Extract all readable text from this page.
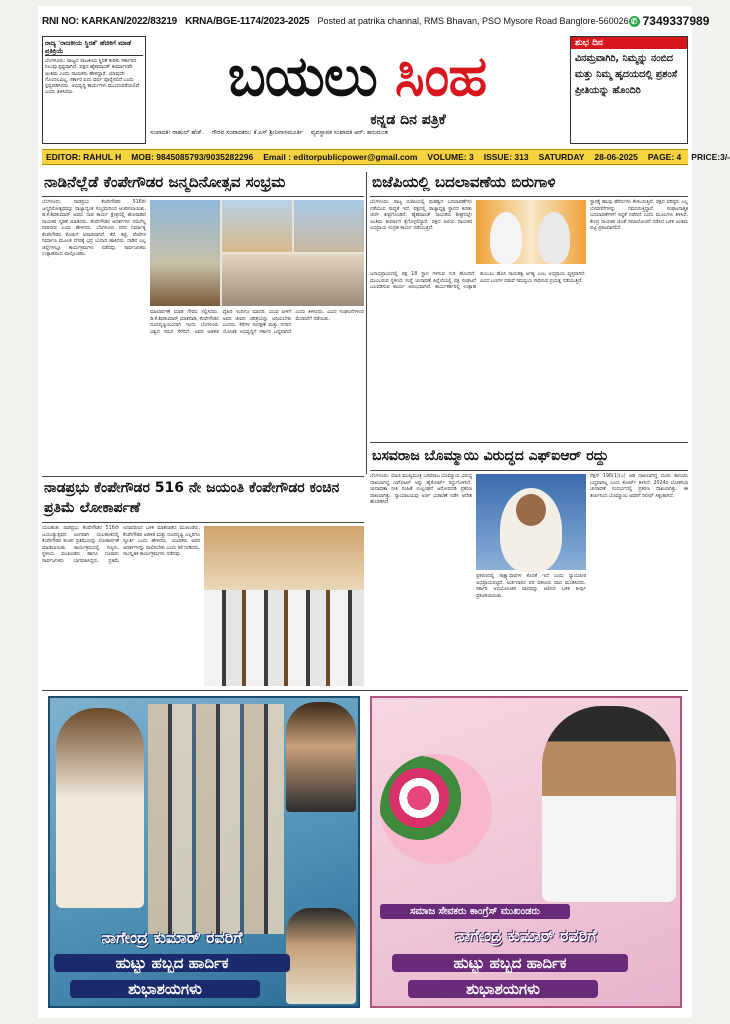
RNI NO: KARKAN/2022/83219 KRNA/BGE-1174/2023-2025 Posted at patrika channal, RMS Bhavan, PSO Mysore Road Banglore-560026 ✆ 7349337989
ರಾಜ್ಯ 'ರಾಜಕೀಯ ಸ್ಥಿರತೆ' ಹೆಚಿಕಿಗೆ ಮಾಡೆ ಪ್ರತಿಕ್ರಿಯೆ
ಬೆಂಗಳೂರು: ರಾಜ್ಯದ ರಾಜಕೀಯ ಸ್ಥಿರತೆ ಕುರಿತು ಸರ್ಕಾರದ ನಿಲುವು ಸ್ಪಷ್ಟವಾಗಿದೆ. ಪಕ್ಷದ ಹೈಕಮಾಂಡ್ ತೀರ್ಮಾನವೇ ಅಂತಿಮ ಎಂದು ನಾಯಕರು ಹೇಳಿದ್ದಾರೆ. ಯಾವುದೇ ಗೊಂದಲವಿಲ್ಲ, ಸರ್ಕಾರ ಐದು ವರ್ಷ ಪೂರೈಸಲಿದೆ ಎಂದು ಸ್ಪಷ್ಟಪಡಿಸಿದರು. ಅಭಿವೃದ್ಧಿ ಕಾರ್ಯಗಳು ಮುಂದುವರೆಯಲಿವೆ ಎಂದು ತಿಳಿಸಿದರು.	ಬಯಲು ಸಿಂಹ
ಕನ್ನಡ ದಿನ ಪತ್ರಿಕೆ
ಸಂಪಾದಕ: ರಾಹುಲ್ ಹೆಚ್. ಗೌರವ ಸಂಪಾದಕರು: ಕೆ.ಎಸ್ ಶ್ರೀನಿವಾಸಮೂರ್ತಿ ವ್ಯವಸ್ಥಾಪಕ ಸಂಪಾದಕ ಆರ್. ಹನುಮಂತ
ಶುಭ ದಿನ
ವಿನಮ್ರವಾಗಿರಿ, ನಿಮ್ಮನ್ನು ನಂಬಿದ ಮತ್ತು ನಿಮ್ಮ ಹೃದಯದಲ್ಲಿ ಪ್ರಶಂಸೆ ಪ್ರೀತಿಯನ್ನು ಹೊಂದಿರಿ
EDITOR: RAHUL H MOB: 9845085793/9035282296 Email : editorpublicpower@gmail.com VOLUME: 3 ISSUE: 313 SATURDAY 28-06-2025 PAGE: 4 PRICE:3/-
ನಾಡಿನೆಲ್ಲೆಡೆ ಕೆಂಪೇಗೌಡರ ಜನ್ಮದಿನೋತ್ಸವ ಸಂಭ್ರಮ
ಬೆಂಗಳೂರು: ನಾಡಪ್ರಭು ಕೆಂಪೇಗೌಡರ 516ನೇ ಜನ್ಮದಿನೋತ್ಸವವನ್ನು ರಾಜ್ಯಾದ್ಯಂತ ಸಂಭ್ರಮದಿಂದ ಆಚರಿಸಲಾಯಿತು. ಡಿ.ಕೆ.ಶಿವಕುಮಾರ್ ಅವರು ನಾಡ ಕಾರ್ಯ ಕ್ಷೇತ್ರದಲ್ಲಿ ಹೋರಾಡಿದ ನಾಯಕರ ಸ್ಮರಣೆ ಮಾಡಿದರು. ಕೆಂಪೇಗೌಡರ ಆದರ್ಶಗಳು ನಮಗೆಲ್ಲ ದಾರಿದೀಪ ಎಂದು ಹೇಳಿದರು. ಬೆಂಗಳೂರು ನಗರ ನಿರ್ಮಾತೃ ಕೆಂಪೇಗೌಡರ ಕೊಡುಗೆ ಅಪಾರವಾಗಿದೆ. ಕೆರೆ, ಕಟ್ಟೆ, ಪೇಟೆಗಳ ನಿರ್ಮಾಣ ಮೂಲಕ ನಗರಕ್ಕೆ ಭದ್ರ ಬುನಾದಿ ಹಾಕಿದರು. ನಾಡಿನ ಎಲ್ಲ ಜಿಲ್ಲೆಗಳಲ್ಲೂ ಕಾರ್ಯಕ್ರಮಗಳು ನಡೆದವು. ಸಾರ್ವಜನಿಕರು ಉತ್ಸಾಹದಿಂದ ಪಾಲ್ಗೊಂಡರು.
ಮಾಲಾರ್ಪಣೆ ಮಾಡಿ ಗೌರವ ಸಲ್ಲಿಸಿದರು. ಡಿ.ಕೆ.ಶಿವಕುಮಾರ್ ಮಾತನಾಡಿ, ಕೆಂಪೇಗೌಡರ ದೂರದೃಷ್ಟಿಯಿಂದಾಗಿ ಇಂದು ಬೆಂಗಳೂರು ವಿಶ್ವದ ಗಮನ ಸೆಳೆದಿದೆ. ಅವರ ಆಡಳಿತ ವೈಖರಿ ಇಂದಿಗೂ ಮಾದರಿ. ಯುವ ಪೀಳಿಗೆ ಅವರ ಜೀವನ ಚರಿತ್ರೆಯನ್ನು ಅರಿಯಬೇಕು ಎಂದರು. ಕೆರೆಗಳ ಸಂರಕ್ಷಣೆ ಮತ್ತು ನಗರದ ಯೋಜಿತ ಅಭಿವೃದ್ಧಿಗೆ ಸರ್ಕಾರ ಬದ್ಧವಾಗಿದೆ ಎಂದು ತಿಳಿಸಿದರು. ವಿವಿಧ ಸಂಘಟನೆಗಳಿಂದ ಮೆರವಣಿಗೆ ನಡೆಯಿತು.
ಬಿಜೆಪಿಯಲ್ಲಿ ಬದಲಾವಣೆಯ ಬಿರುಗಾಳಿ
ಬೆಂಗಳೂರು: ರಾಜ್ಯ ಬಿಜೆಪಿಯಲ್ಲಿ ಮಹತ್ವದ ಬದಲಾವಣೆಗಳು ನಡೆಯುವ ಸಾಧ್ಯತೆ ಇದೆ. ಪಕ್ಷದಲ್ಲಿ ರಾಜ್ಯಾಧ್ಯಕ್ಷ ಸ್ಥಾನದ ಕುರಿತು ಚರ್ಚೆ ತೀವ್ರಗೊಂಡಿದೆ. ಹೈಕಮಾಂಡ್ ನಾಯಕರು ಶೀಘ್ರದಲ್ಲೇ ಅಂತಿಮ ತೀರ್ಮಾನ ಕೈಗೊಳ್ಳಲಿದ್ದಾರೆ. ಪಕ್ಷದ ಹಿರಿಯ ನಾಯಕರ ಅಭಿಪ್ರಾಯ ಸಂಗ್ರಹ ಕಾರ್ಯ ನಡೆಯುತ್ತಿದೆ.
ಜನಾಭಿಪ್ರಾಯದಲ್ಲಿ ಪಕ್ಷ 18 ಸ್ಥಾನ ಗಳಿಸುವ ಗುರಿ ಹೊಂದಿದೆ. ಮುಂಬರುವ ಸ್ಥಳೀಯ ಸಂಸ್ಥೆ ಚುನಾವಣೆ ಹಿನ್ನೆಲೆಯಲ್ಲಿ ಪಕ್ಷ ಸಂಘಟನೆ ಬಲಪಡಿಸುವ ಕಾರ್ಯ ಆರಂಭವಾಗಿದೆ. ಕಾರ್ಯಕರ್ತರಲ್ಲಿ ಉತ್ಸಾಹ ತುಂಬಲು ಹೊಸ ನಾಯಕತ್ವ ಅಗತ್ಯ ಎಂಬ ಅಭಿಪ್ರಾಯ ವ್ಯಕ್ತವಾಗಿದೆ. ವಿವಿಧ ಬಣಗಳ ನಡುವೆ ಸಮನ್ವಯ ಸಾಧಿಸುವ ಪ್ರಯತ್ನ ನಡೆಯುತ್ತಿದೆ.
ಸ್ಥಾನಕ್ಕೆ ಹಲವು ಹೆಸರುಗಳು ಕೇಳಿಬರುತ್ತಿವೆ. ಪಕ್ಷದ ವರಿಷ್ಠರು ಎಲ್ಲ ಬೆಳವಣಿಗೆಗಳನ್ನು ಗಮನಿಸುತ್ತಿದ್ದಾರೆ. ಸಂಘಟನಾತ್ಮಕ ಬದಲಾವಣೆಗಳಿಗೆ ಸಿದ್ಧತೆ ನಡೆದಿದೆ ಎಂದು ಮೂಲಗಳು ತಿಳಿಸಿವೆ. ಕೇಂದ್ರ ನಾಯಕರ ಜೊತೆ ಸಮಾಲೋಚನೆ ನಡೆಸಿದ ಬಳಿಕ ಅಂತಿಮ ಪಟ್ಟಿ ಪ್ರಕಟವಾಗಲಿದೆ.
ಬಸವರಾಜ ಬೊಮ್ಮಾಯಿ ವಿರುದ್ಧದ ಎಫ್‌ಐಆರ್ ರದ್ದು
ಬೆಂಗಳೂರು: ಮಾಜಿ ಮುಖ್ಯಮಂತ್ರಿ ಬಸವರಾಜ ಬೊಮ್ಮಾಯಿ ವಿರುದ್ಧ ದಾಖಲಾಗಿದ್ದ ಎಫ್‌ಐಆರ್ ಅನ್ನು ಹೈಕೋರ್ಟ್ ರದ್ದುಗೊಳಿಸಿದೆ. ಚುನಾವಣಾ ನೀತಿ ಸಂಹಿತೆ ಉಲ್ಲಂಘನೆ ಆರೋಪದಡಿ ಪ್ರಕರಣ ದಾಖಲಾಗಿತ್ತು. ನ್ಯಾಯಾಲಯವು ಅರ್ಜಿ ವಿಚಾರಣೆ ನಡೆಸಿ ಆದೇಶ ಹೊರಡಿಸಿದೆ.
ಪ್ರಕರಣದಲ್ಲಿ ಸಾಕ್ಷ್ಯಾಧಾರಗಳ ಕೊರತೆ ಇದೆ ಎಂದು ನ್ಯಾಯಪೀಠ ಅಭಿಪ್ರಾಯಪಟ್ಟಿದೆ. ಅರ್ಜಿದಾರರ ಪರ ವಕೀಲರು ವಾದ ಮಂಡಿಸಿದರು. ಸರ್ಕಾರಿ ಅಭಿಯೋಜಕರ ವಾದವನ್ನು ಆಲಿಸಿದ ಬಳಿಕ ತೀರ್ಪು ಪ್ರಕಟಿಸಲಾಯಿತು.
ಸೆಕ್ಷನ್ 196(1)(ಎ) ಅಡಿ ದಾಖಲಾಗಿದ್ದ ದೂರು ಕಾನೂನು ಬದ್ಧವಾಗಿಲ್ಲ ಎಂದು ಕೋರ್ಟ್ ತಿಳಿಸಿದೆ. 2024ರ ಲೋಕಸಭಾ ಚುನಾವಣೆ ಸಂದರ್ಭದಲ್ಲಿ ಪ್ರಕರಣ ದಾಖಲಾಗಿತ್ತು. ಈ ತೀರ್ಪಿನಿಂದ ಬೊಮ್ಮಾಯಿ ಅವರಿಗೆ ರಿಲೀಫ್ ಸಿಕ್ಕಂತಾಗಿದೆ.
ನಾಡಪ್ರಭು ಕೆಂಪೇಗೌಡರ 516 ನೇ ಜಯಂತಿ ಕೆಂಪೇಗೌಡರ ಕಂಚಿನ ಪ್ರತಿಮೆ ಲೋಕಾರ್ಪಣೆ
ಯಲಹಂಕ: ನಾಡಪ್ರಭು ಕೆಂಪೇಗೌಡರ 516ನೇ ಜಯಂತ್ಯುತ್ಸವದ ಅಂಗವಾಗಿ ಯಲಹಂಕದಲ್ಲಿ ಕೆಂಪೇಗೌಡರ ಕಂಚಿನ ಪ್ರತಿಮೆಯನ್ನು ಲೋಕಾರ್ಪಣೆ ಮಾಡಲಾಯಿತು. ಕಾರ್ಯಕ್ರಮದಲ್ಲಿ ಗಣ್ಯರು, ಸ್ಥಳೀಯ ಮುಖಂಡರು ಹಾಗೂ ನೂರಾರು ಸಾರ್ವಜನಿಕರು ಭಾಗವಹಿಸಿದ್ದರು. ಪ್ರತಿಮೆ ಅನಾವರಣದ ಬಳಿಕ ಮಾತನಾಡಿದ ಮುಖಂಡರು, ಕೆಂಪೇಗೌಡರ ಆಡಳಿತ ಮತ್ತು ದೂರದೃಷ್ಟಿ ಎಲ್ಲರಿಗೂ ಸ್ಫೂರ್ತಿ ಎಂದು ಹೇಳಿದರು. ಯುವಕರು ಅವರ ಆದರ್ಶಗಳನ್ನು ಪಾಲಿಸಬೇಕು ಎಂದು ಕರೆ ನೀಡಿದರು. ಸಾಂಸ್ಕೃತಿಕ ಕಾರ್ಯಕ್ರಮಗಳು ನಡೆದವು.
ನಾಗೇಂದ್ರ ಕುಮಾರ್ ರವರಿಗೆ
ಹುಟ್ಟು ಹಬ್ಬದ ಹಾರ್ದಿಕ
ಶುಭಾಶಯಗಳು
ಸಮಾಜ ಸೇವಕರು ಕಾಂಗ್ರೆಸ್ ಮುಖಂಡರು
ನಾಗೇಂದ್ರ ಕುಮಾರ್ ರವರಿಗೆ
ಹುಟ್ಟು ಹಬ್ಬದ ಹಾರ್ದಿಕ
ಶುಭಾಶಯಗಳು
